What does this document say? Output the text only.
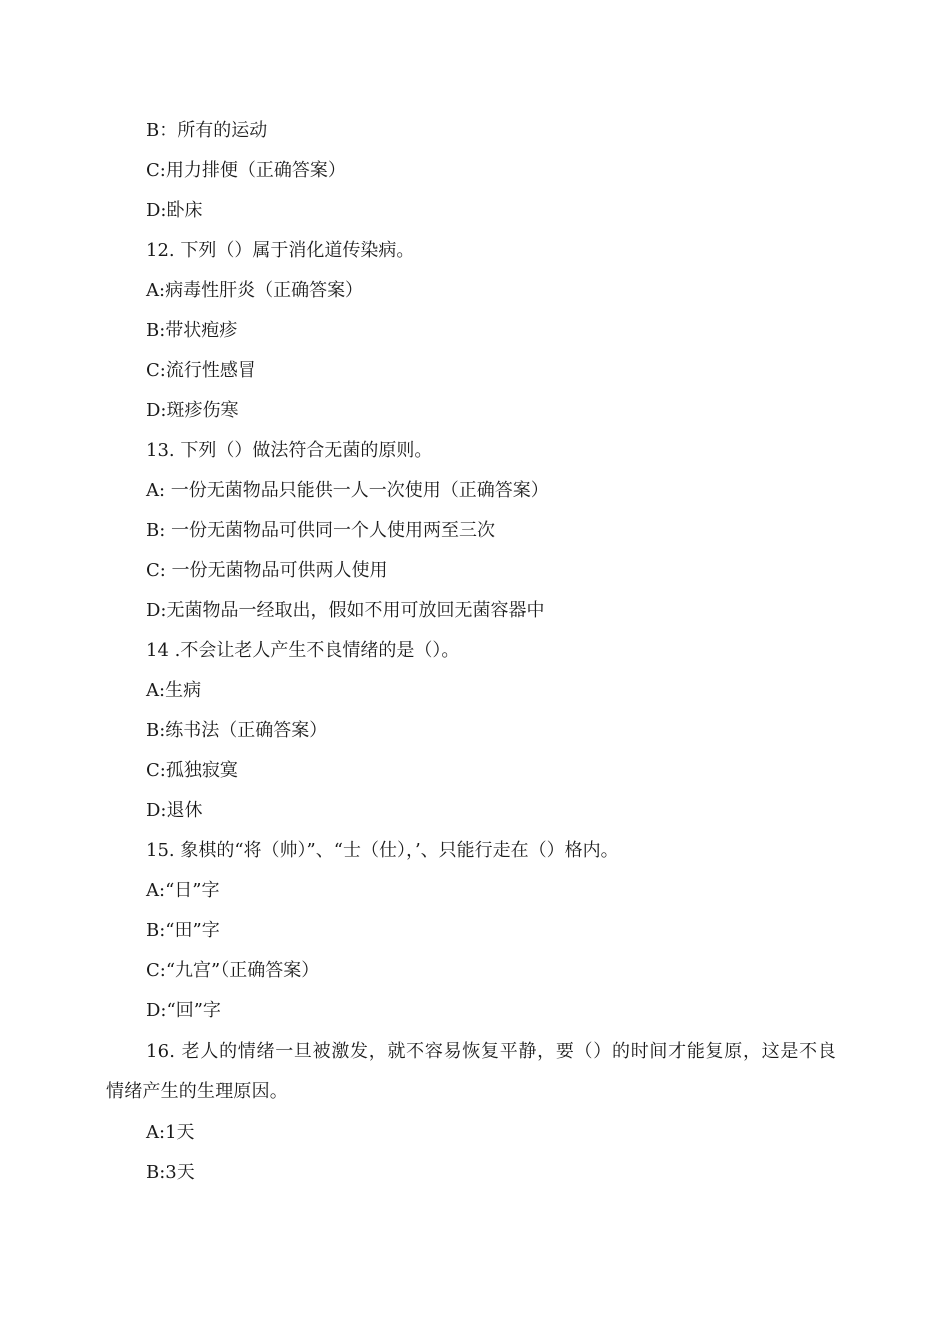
B：所有的运动
C:用力排便（正确答案）
D:卧床
12. 下列（）属于消化道传染病。
A:病毒性肝炎（正确答案）
B:带状疱疹
C:流行性感冒
D:斑疹伤寒
13. 下列（）做法符合无菌的原则。
A: 一份无菌物品只能供一人一次使用（正确答案）
B: 一份无菌物品可供同一个人使用两至三次
C: 一份无菌物品可供两人使用
D:无菌物品一经取出，假如不用可放回无菌容器中
14 .不会让老人产生不良情绪的是（）。
A:生病
B:练书法（正确答案）
C:孤独寂寞
D:退休
15. 象棋的“将（帅）”、“士（仕），’、只能行走在（）格内。
A:“日”字
B:“田”字
C:“九宫”（正确答案）
D:“回”字
16. 老人的情绪一旦被激发，就不容易恢复平静，要（）的时间才能复原，这是不良情绪产生的生理原因。
A:1天
B:3天
